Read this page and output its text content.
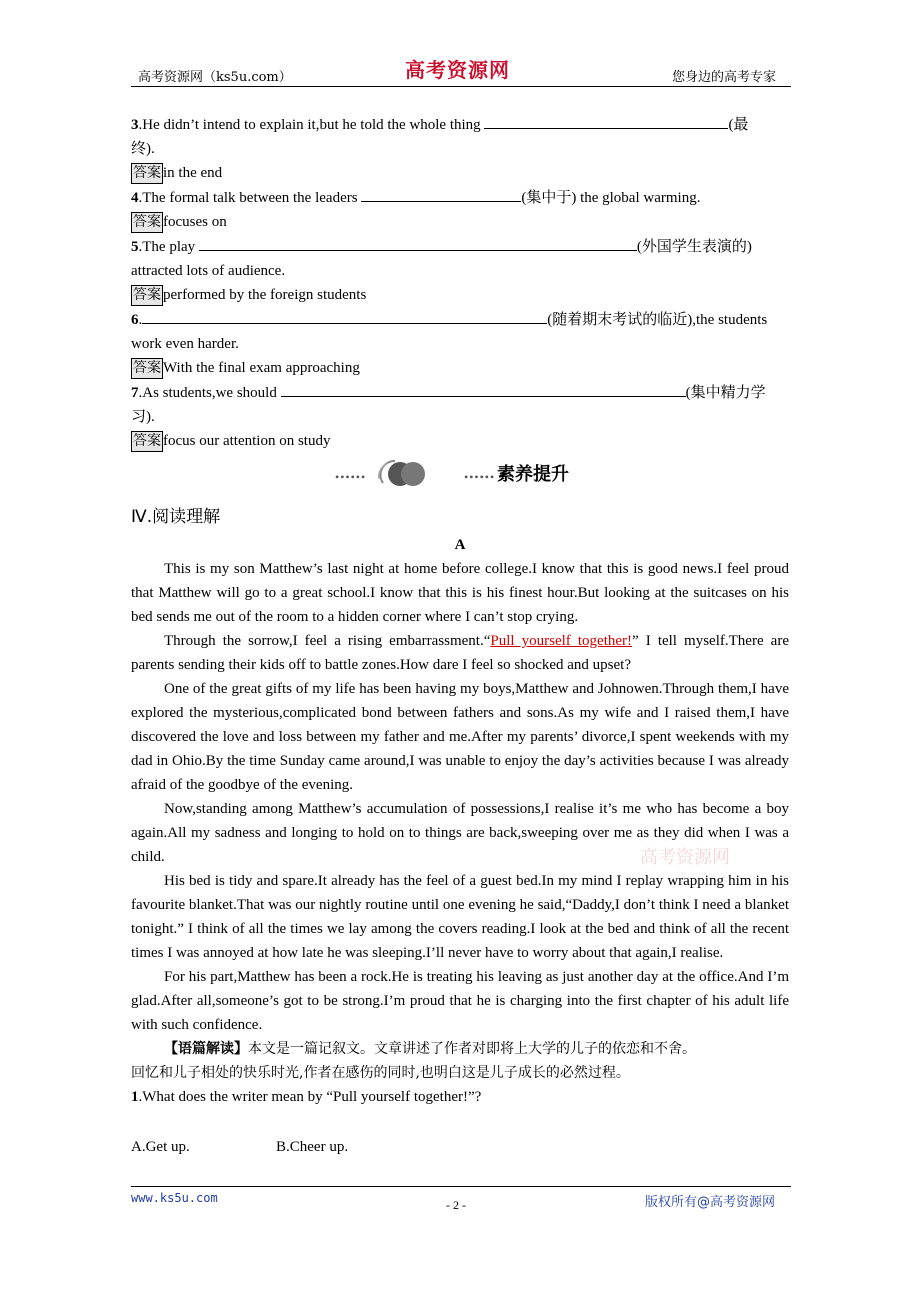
高考资源网（ks5u.com）	高考资源网	您身边的高考专家
高考资源网

3.He didn’t intend to explain it,but he told the whole thing	(最

终).

答案 in the end

4.The formal talk between the leaders	(集中于) the global warming.

答案 focuses on

5.The play	(外国学生表演的)

attracted lots of audience.

答案 performed by the foreign students

6.	(随着期末考试的临近),the students

work even harder.

答案 With the final exam approaching

7.As students,we should	(集中精力学

习).

答案 focus our attention on study

••••••	•••••• 素养提升
Ⅳ.阅读理解

A

This is my son Matthew’s last night at home before college.I know that this is good news.I feel proud that Matthew will go to a great school.I know that this is his finest hour.But looking at the suitcases on his bed sends me out of the room to a hidden corner where I can’t stop crying.

Through the sorrow,I feel a rising embarrassment.“Pull yourself together!” I tell myself.There are parents sending their kids off to battle zones.How dare I feel so shocked and upset?

One of the great gifts of my life has been having my boys,Matthew and Johnowen.Through them,I have explored the mysterious,complicated bond between fathers and sons.As my wife and I raised them,I have discovered the love and loss between my father and me.After my parents’ divorce,I spent weekends with my dad in Ohio.By the time Sunday came around,I was unable to enjoy the day’s activities because I was already afraid of the goodbye of the evening.

Now,standing among Matthew’s accumulation of possessions,I realise it’s me who has become a boy again.All my sadness and longing to hold on to things are back,sweeping over me as they did when I was a child.

His bed is tidy and spare.It already has the feel of a guest bed.In my mind I replay wrapping him in his favourite blanket.That was our nightly routine until one evening he said,“Daddy,I don’t think I need a blanket tonight.” I think of all the times we lay among the covers reading.I look at the bed and think of all the recent times I was annoyed at how late he was sleeping.I’ll never have to worry about that again,I realise.

For his part,Matthew has been a rock.He is treating his leaving as just another day at the office.And I’m glad.After all,someone’s got to be strong.I’m proud that he is charging into the first chapter of his adult life with such confidence.

【语篇解读】本文是一篇记叙文。文章讲述了作者对即将上大学的儿子的依恋和不舍。

回忆和儿子相处的快乐时光,作者在感伤的同时,也明白这是儿子成长的必然过程。

1.What does the writer mean by “Pull yourself together!”?

A.Get up.	B.Cheer up.

www.ks5u.com	- 2 -	版权所有@高考资源网
